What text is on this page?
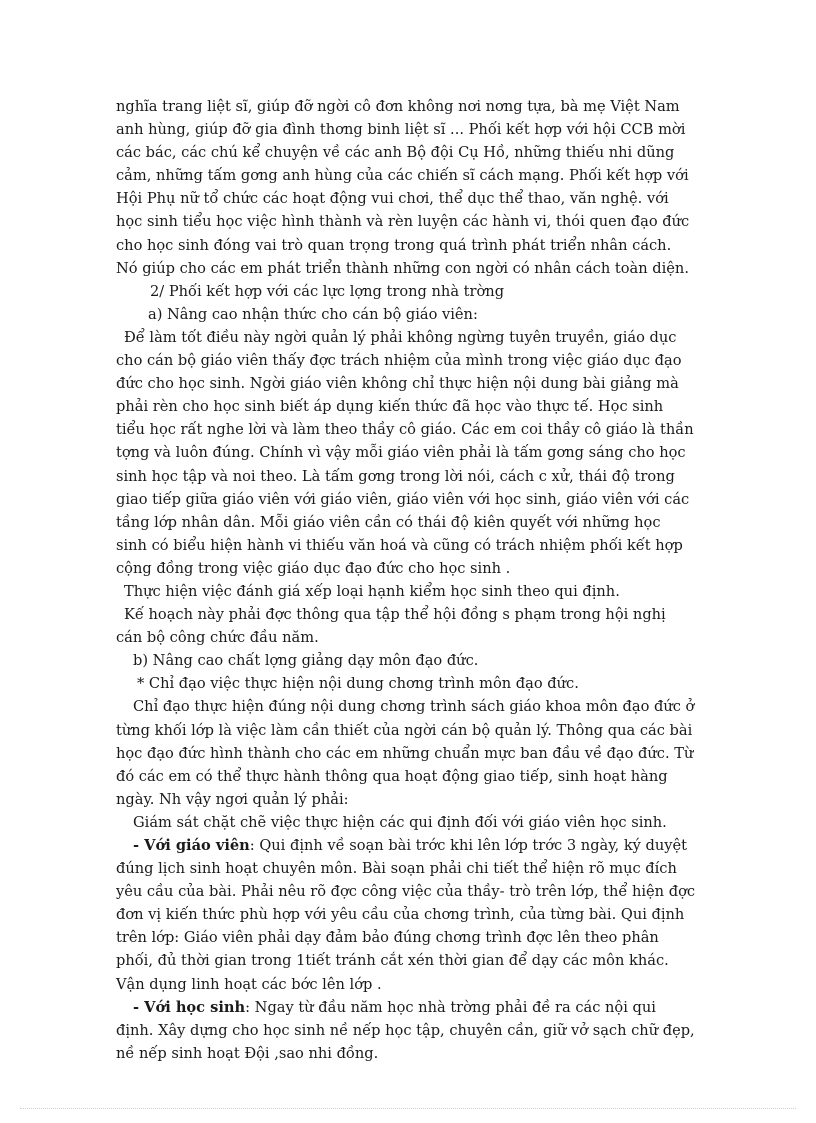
nghĩa trang liệt sĩ, giúp đỡ ngời cô đơn không nơi nơng tựa, bà mẹ Việt Nam anh hùng, giúp đỡ gia đình thơng binh liệt sĩ ... Phối kết hợp với hội CCB mời các bác, các chú kể chuyện về các anh Bộ đội Cụ Hồ, những thiếu nhi dũng cảm, những tấm gơng anh hùng của các chiến sĩ cách mạng. Phối kết hợp với Hội Phụ nữ tổ chức các hoạt động vui chơi, thể dục thể thao, văn nghệ. với học sinh tiểu học việc hình thành và rèn luyện các hành vi, thói quen đạo đức cho học sinh đóng vai trò quan trọng trong quá trình phát triển nhân cách. Nó giúp cho các em phát triển thành những con ngời có nhân cách toàn diện.

2/ Phối kết hợp với các lực lợng trong nhà trờng

a) Nâng cao nhận thức cho cán bộ giáo viên:

Để làm tốt điều này ngời quản lý phải không ngừng tuyên truyền, giáo dục cho cán bộ giáo viên thấy đợc trách nhiệm của mình trong việc giáo dục đạo đức cho học sinh. Ngời giáo viên không chỉ thực hiện nội dung bài giảng mà phải rèn cho học sinh biết áp dụng kiến thức đã học vào thực tế. Học sinh tiểu học rất nghe lời và làm theo thầy cô giáo. Các em coi thầy cô giáo là thần tợng và luôn đúng. Chính vì vậy mỗi giáo viên phải là tấm gơng sáng cho học sinh học tập và noi theo. Là tấm gơng trong lời nói, cách c xử, thái độ trong giao tiếp giữa giáo viên với giáo viên, giáo viên với học sinh, giáo viên với các tầng lớp nhân dân. Mỗi giáo viên cần có thái độ kiên quyết với những học sinh có biểu hiện hành vi thiếu văn hoá và cũng có trách nhiệm phối kết hợp cộng đồng trong việc giáo dục đạo đức cho học sinh .

Thực hiện việc đánh giá xếp loại hạnh kiểm học sinh theo qui định.

Kế hoạch này phải đợc thông qua tập thể hội đồng s phạm trong hội nghị cán bộ công chức đầu năm.

b) Nâng cao chất lợng giảng dạy môn đạo đức.

* Chỉ đạo việc thực hiện nội dung chơng trình môn đạo đức.

Chỉ đạo thực hiện đúng nội dung chơng trình sách giáo khoa môn đạo đức ở từng khối lớp là việc làm cần thiết của ngời cán bộ quản lý. Thông qua các bài học đạo đức hình thành cho các em những chuẩn mực ban đầu về đạo đức. Từ đó các em có thể thực hành thông qua hoạt động giao tiếp, sinh hoạt hàng ngày. Nh vậy ngơi quản lý phải:

Giám sát chặt chẽ việc thực hiện các qui định đối với giáo viên học sinh.

- Với giáo viên: Qui định về soạn bài trớc khi lên lớp trớc 3 ngày, ký duyệt đúng lịch sinh hoạt chuyên môn. Bài soạn phải chi tiết thể hiện rõ mục đích yêu cầu của bài. Phải nêu rõ đợc công việc của thầy- trò trên lớp, thể hiện đợc đơn vị kiến thức phù hợp với yêu cầu của chơng trình, của từng bài. Qui định trên lớp: Giáo viên phải dạy đảm bảo đúng chơng trình đợc lên theo phân phối, đủ thời gian trong 1tiết tránh cắt xén thời gian để dạy các môn khác. Vận dụng linh hoạt các bớc lên lớp .

- Với học sinh: Ngay từ đầu năm học nhà trờng phải đề ra các nội qui định. Xây dựng cho học sinh nề nếp học tập, chuyên cần, giữ vở sạch chữ đẹp, nề nếp sinh hoạt Đội ,sao nhi đồng.
